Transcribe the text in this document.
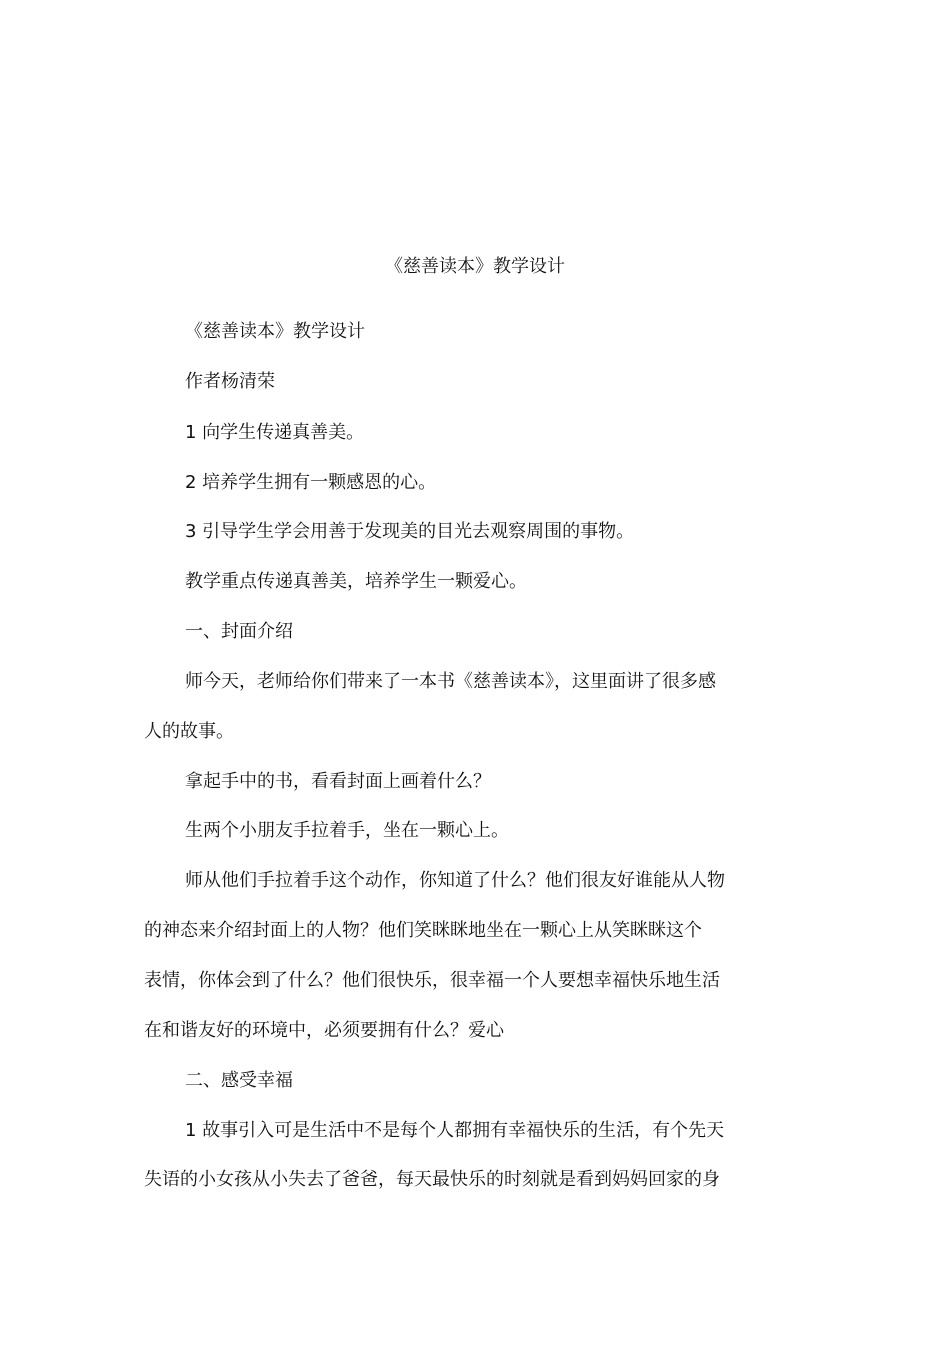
《慈善读本》教学设计
《慈善读本》教学设计
作者杨清荣
1 向学生传递真善美。
2 培养学生拥有一颗感恩的心。
3 引导学生学会用善于发现美的目光去观察周围的事物。
教学重点传递真善美，培养学生一颗爱心。
一、封面介绍
师今天，老师给你们带来了一本书《慈善读本》，这里面讲了很多感
人的故事。
拿起手中的书，看看封面上画着什么？
生两个小朋友手拉着手，坐在一颗心上。
师从他们手拉着手这个动作，你知道了什么？他们很友好谁能从人物
的神态来介绍封面上的人物？他们笑眯眯地坐在一颗心上从笑眯眯这个
表情，你体会到了什么？他们很快乐，很幸福一个人要想幸福快乐地生活
在和谐友好的环境中，必须要拥有什么？爱心
二、感受幸福
1 故事引入可是生活中不是每个人都拥有幸福快乐的生活，有个先天
失语的小女孩从小失去了爸爸，每天最快乐的时刻就是看到妈妈回家的身
